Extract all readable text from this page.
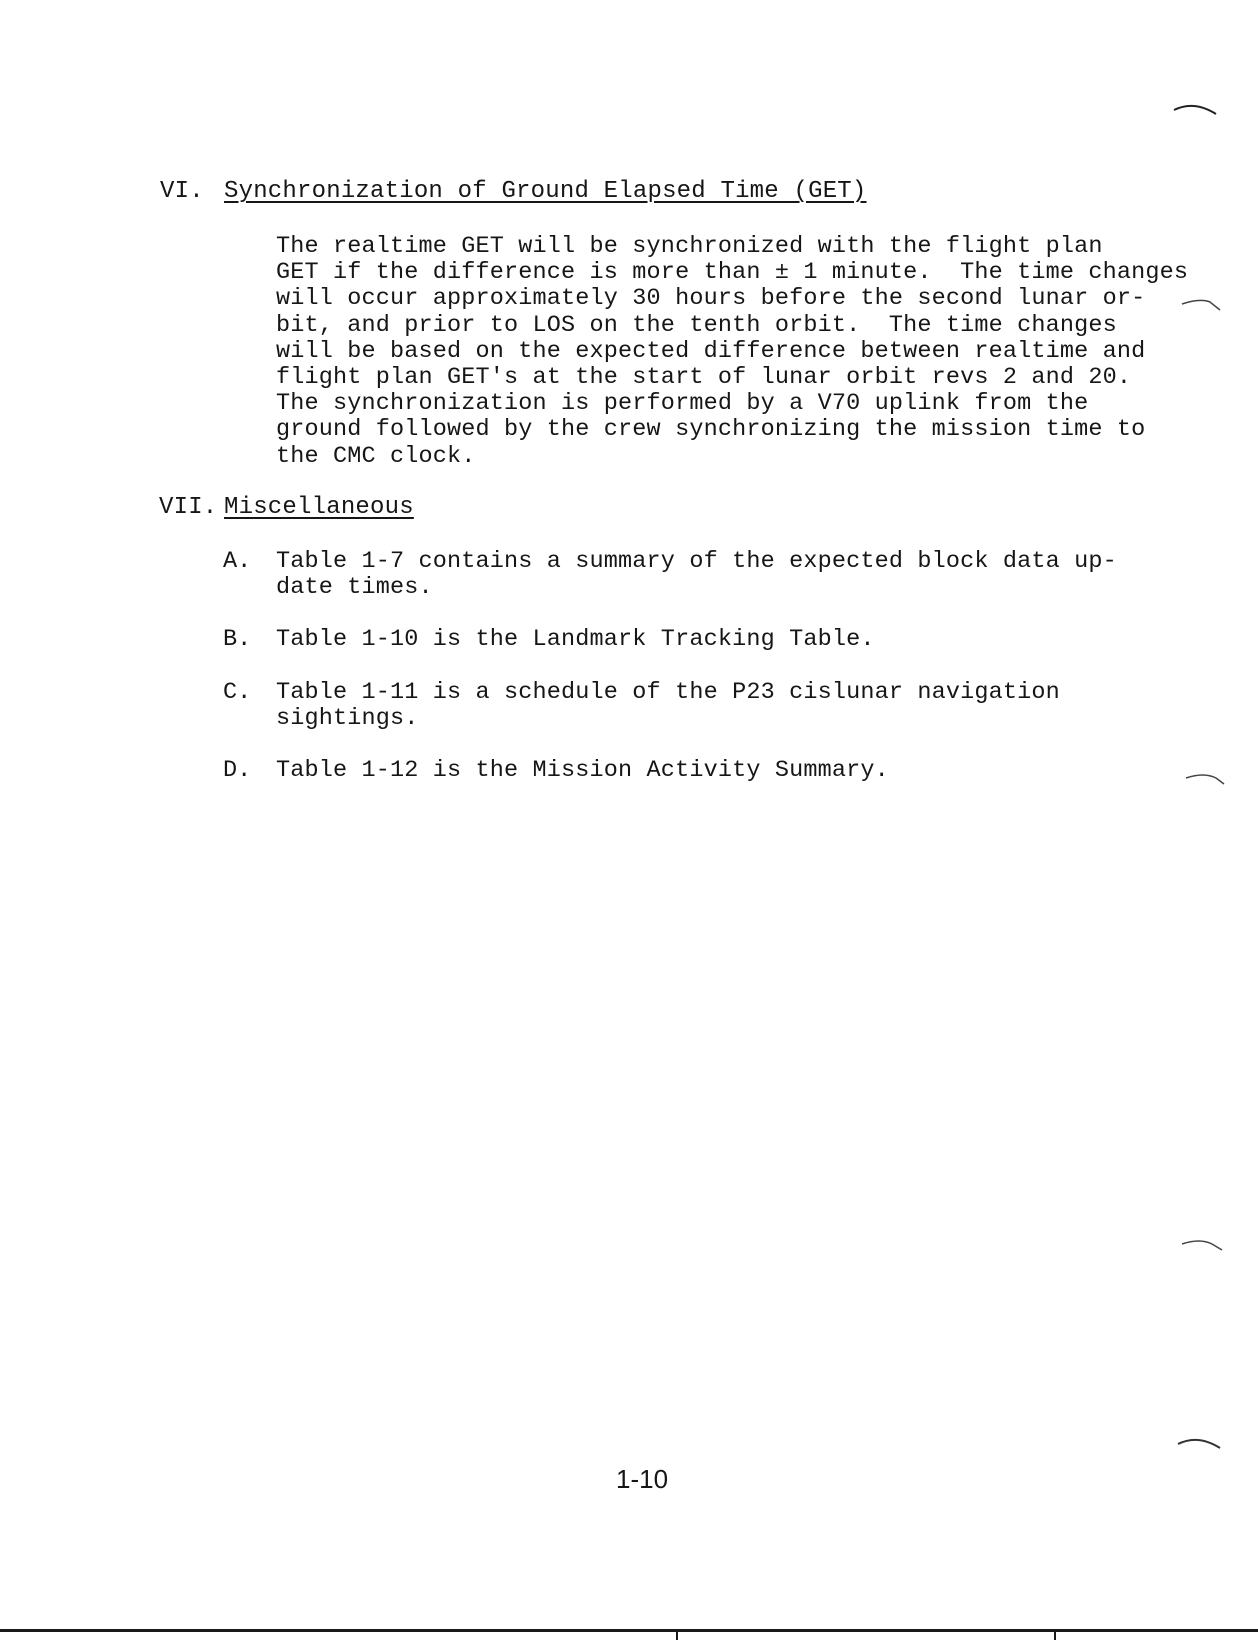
VI. Synchronization of Ground Elapsed Time (GET)
The realtime GET will be synchronized with the flight plan
GET if the difference is more than ± 1 minute.  The time changes
will occur approximately 30 hours before the second lunar or-
bit, and prior to LOS on the tenth orbit.  The time changes
will be based on the expected difference between realtime and
flight plan GET's at the start of lunar orbit revs 2 and 20.
The synchronization is performed by a V70 uplink from the
ground followed by the crew synchronizing the mission time to
the CMC clock.
VII. Miscellaneous
A. Table 1-7 contains a summary of the expected block data up-
date times.
B. Table 1-10 is the Landmark Tracking Table.
C. Table 1-11 is a schedule of the P23 cislunar navigation
sightings.
D. Table 1-12 is the Mission Activity Summary.
1-10
